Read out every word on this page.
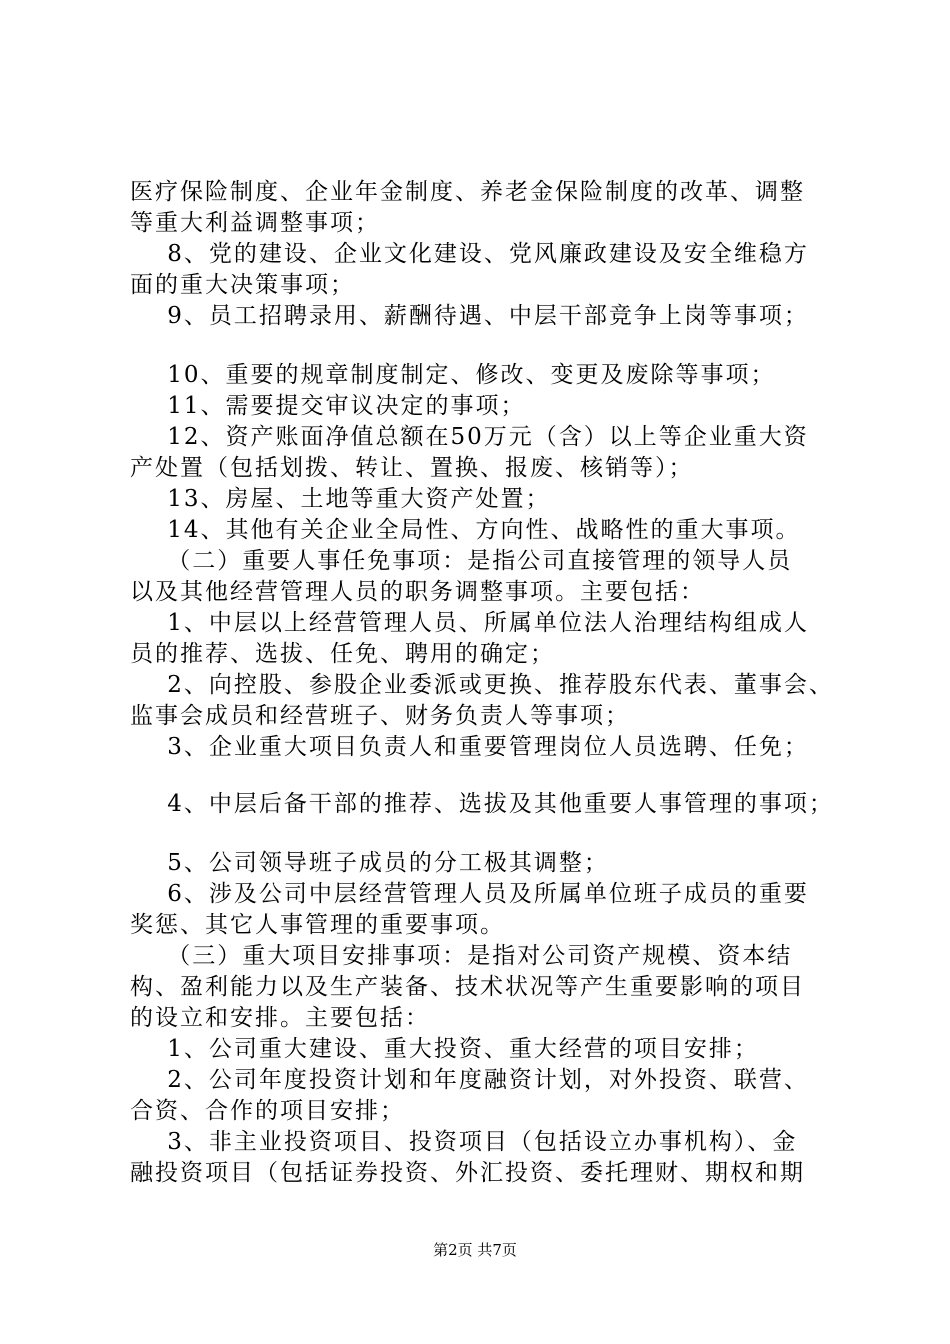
医疗保险制度、企业年金制度、养老金保险制度的改革、调整
等重大利益调整事项；
8、党的建设、企业文化建设、党风廉政建设及安全维稳方
面的重大决策事项；
9、员工招聘录用、薪酬待遇、中层干部竞争上岗等事项；
10、重要的规章制度制定、修改、变更及废除等事项；
11、需要提交审议决定的事项；
12、资产账面净值总额在50万元（含）以上等企业重大资
产处置（包括划拨、转让、置换、报废、核销等）；
13、房屋、土地等重大资产处置；
14、其他有关企业全局性、方向性、战略性的重大事项。
（二）重要人事任免事项：是指公司直接管理的领导人员
以及其他经营管理人员的职务调整事项。主要包括：
1、中层以上经营管理人员、所属单位法人治理结构组成人
员的推荐、选拔、任免、聘用的确定；
2、向控股、参股企业委派或更换、推荐股东代表、董事会、
监事会成员和经营班子、财务负责人等事项；
3、企业重大项目负责人和重要管理岗位人员选聘、任免；
4、中层后备干部的推荐、选拔及其他重要人事管理的事项；
5、公司领导班子成员的分工极其调整；
6、涉及公司中层经营管理人员及所属单位班子成员的重要
奖惩、其它人事管理的重要事项。
（三）重大项目安排事项：是指对公司资产规模、资本结
构、盈利能力以及生产装备、技术状况等产生重要影响的项目
的设立和安排。主要包括：
1、公司重大建设、重大投资、重大经营的项目安排；
2、公司年度投资计划和年度融资计划，对外投资、联营、
合资、合作的项目安排；
3、非主业投资项目、投资项目（包括设立办事机构）、金
融投资项目（包括证券投资、外汇投资、委托理财、期权和期
第2页 共7页
